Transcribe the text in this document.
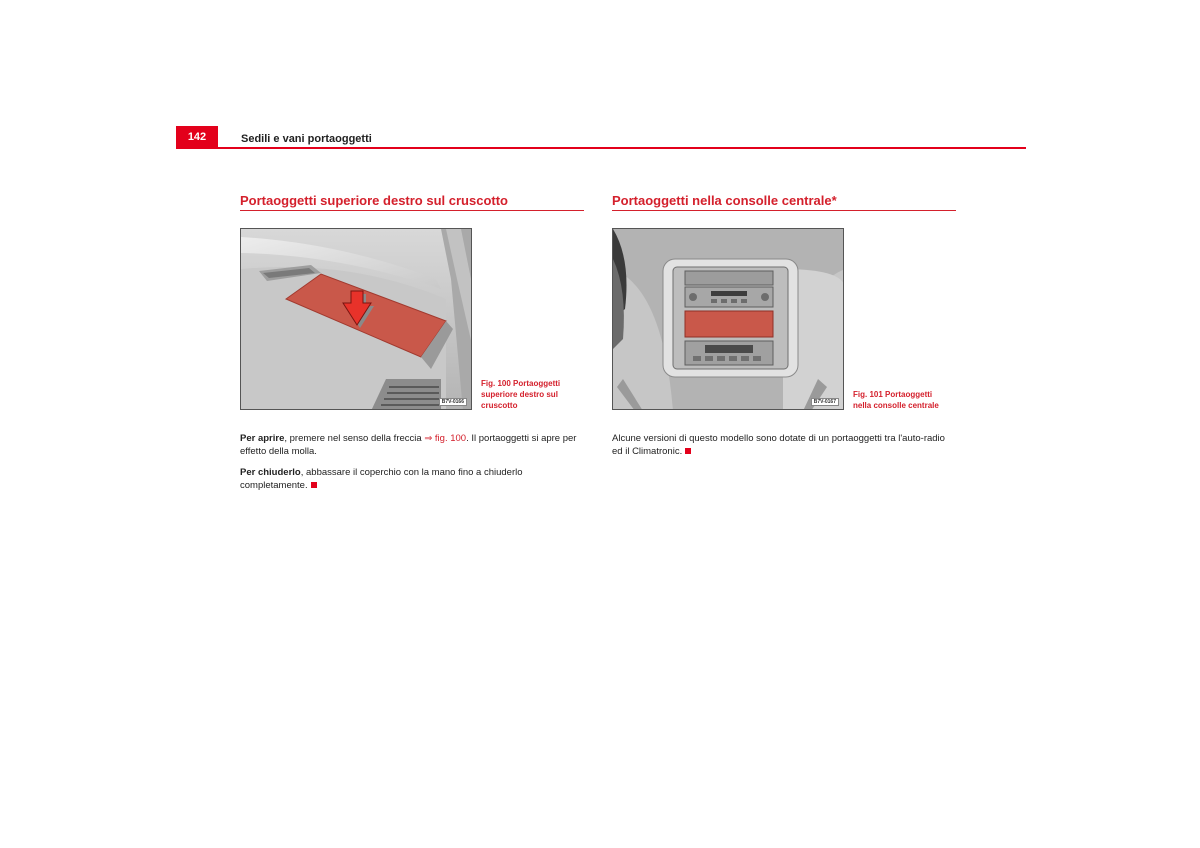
142	Sedili e vani portaoggetti
Portaoggetti superiore destro sul cruscotto
B7V-0166
Fig. 100 Portaoggetti
superiore destro sul
cruscotto
Per aprire, premere nel senso della freccia ⇒ fig. 100. Il portaoggetti si apre per effetto della molla.
Per chiuderlo, abbassare il coperchio con la mano fino a chiuderlo completamente.
Portaoggetti nella consolle centrale*
B7V-0167
Fig. 101 Portaoggetti
nella consolle centrale
Alcune versioni di questo modello sono dotate di un portaoggetti tra l'auto-radio ed il Climatronic.
